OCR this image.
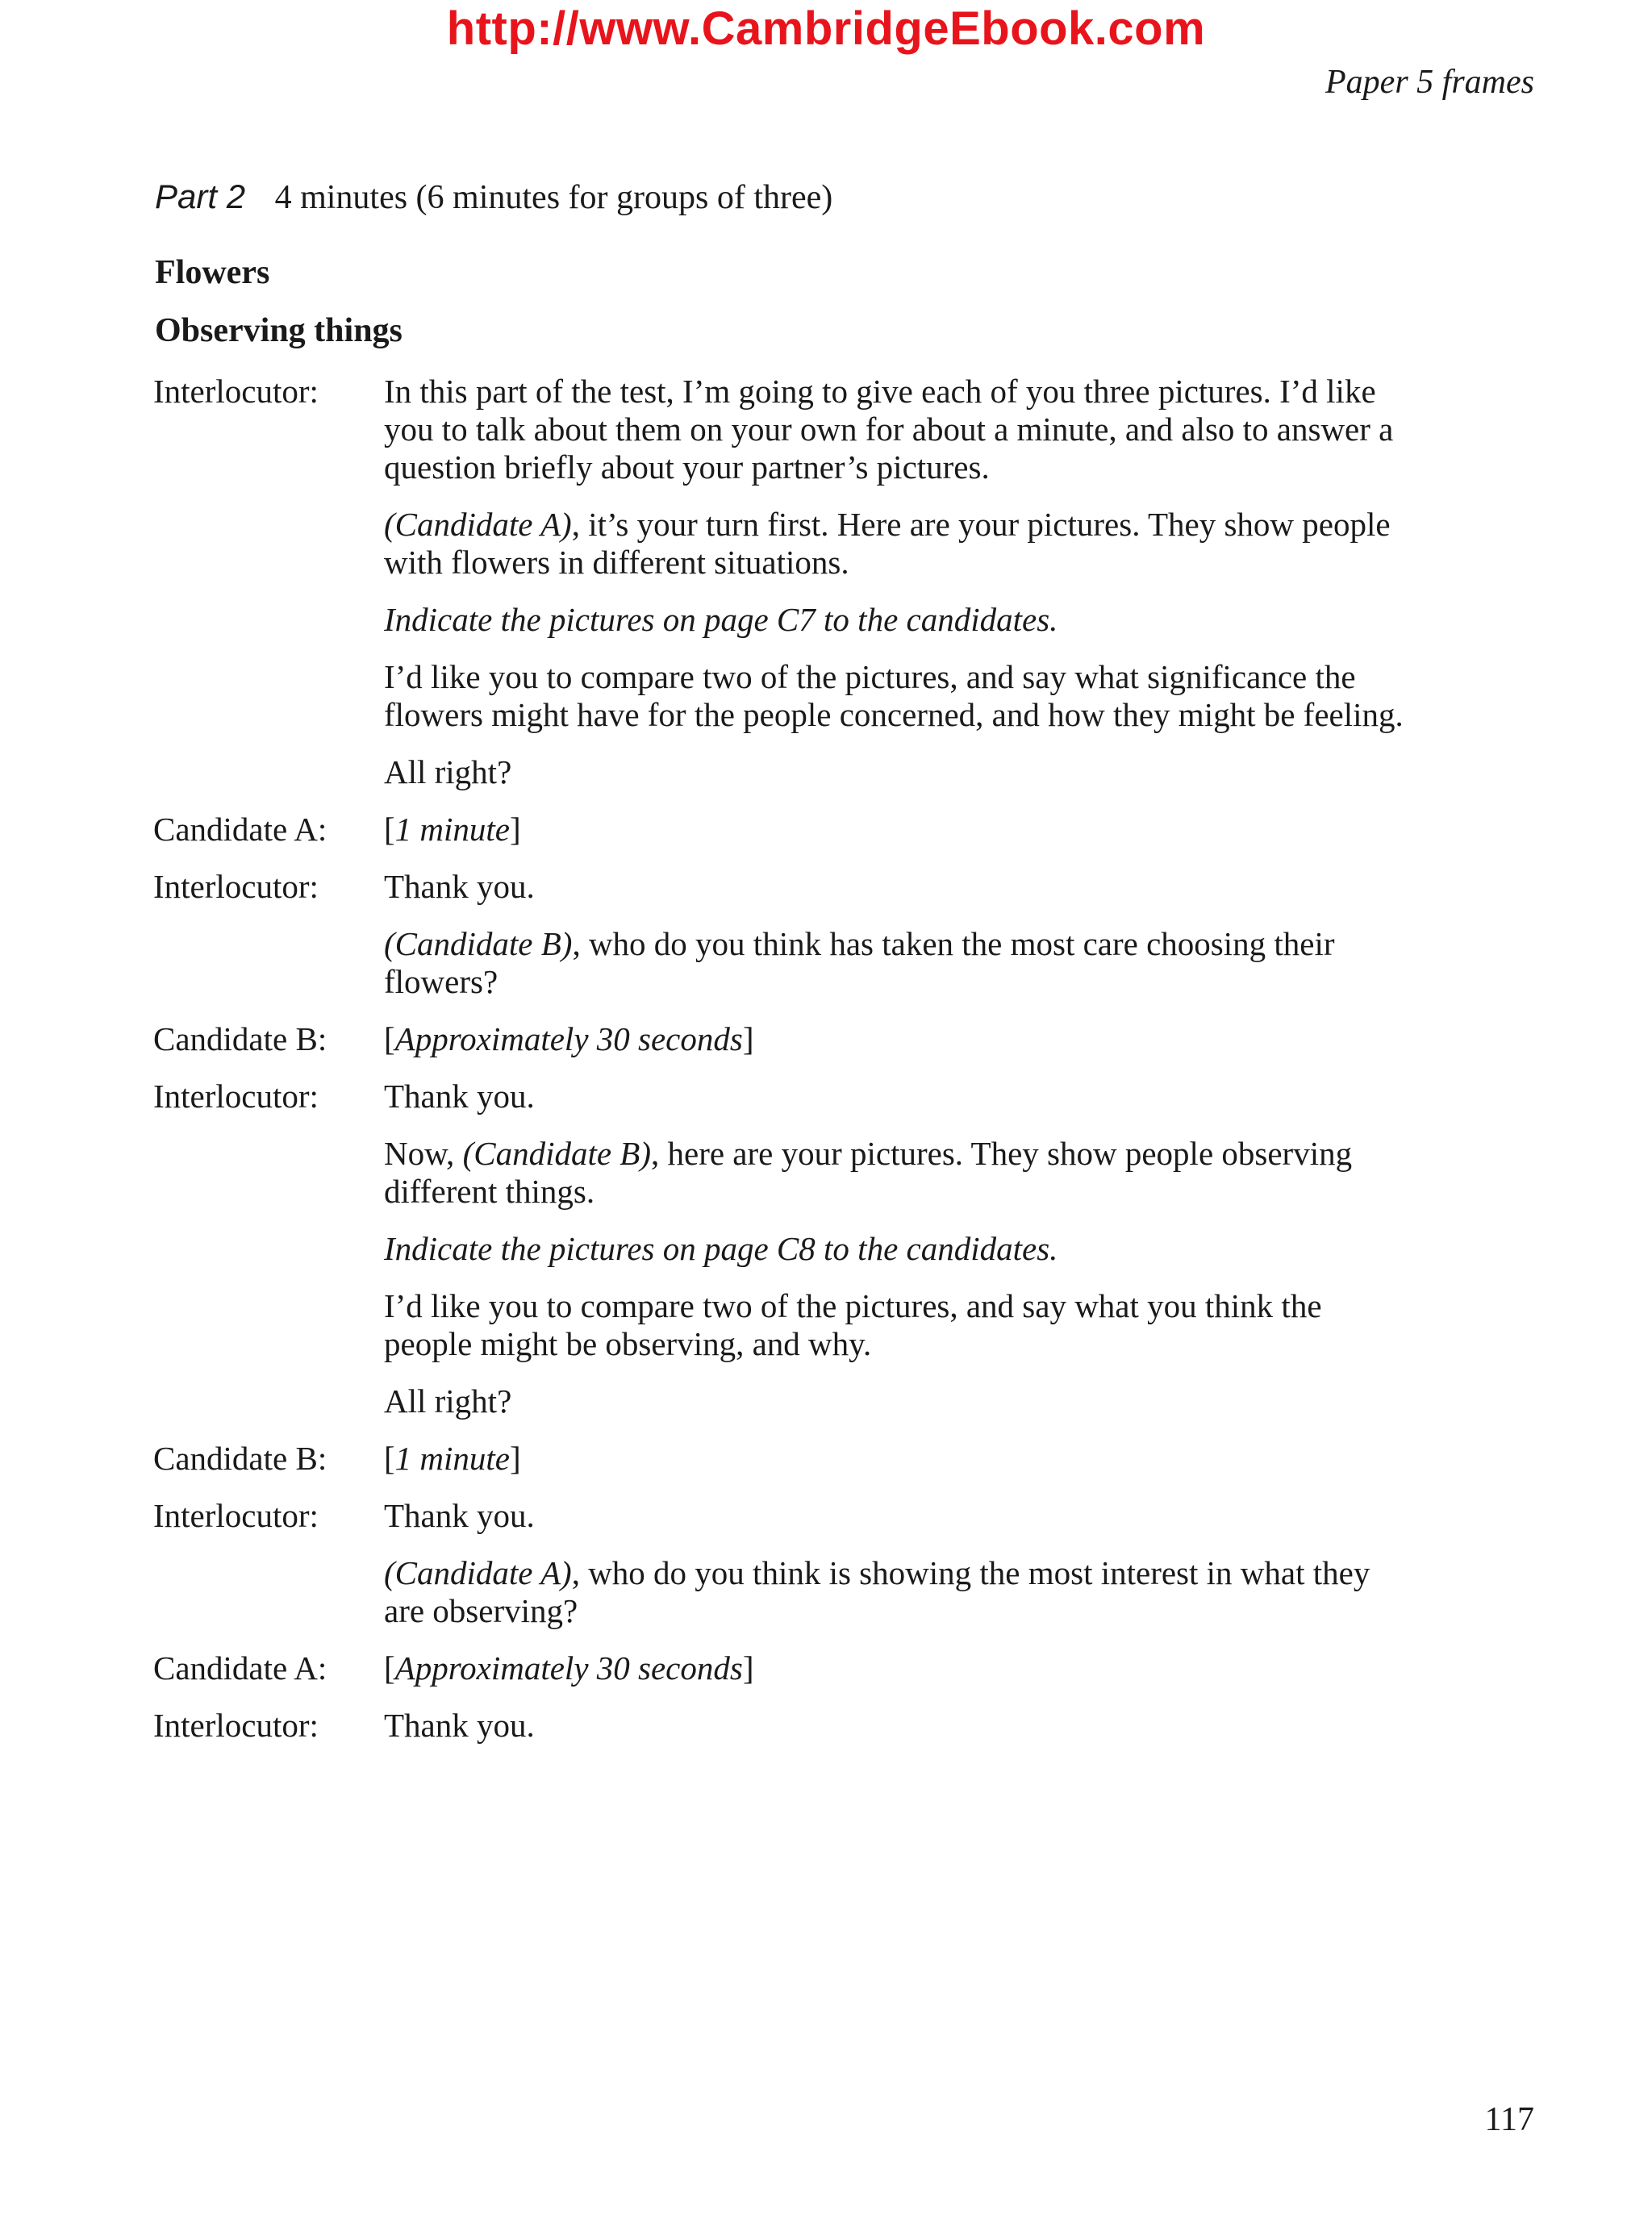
http://www.CambridgeEbook.com
Paper 5 frames
Part 2 4 minutes (6 minutes for groups of three)
Flowers
Observing things
Interlocutor:	In this part of the test, I’m going to give each of you three pictures. I’d like you to talk about them on your own for about a minute, and also to answer a question briefly about your partner’s pictures.
(Candidate A), it’s your turn first. Here are your pictures. They show people with flowers in different situations.
Indicate the pictures on page C7 to the candidates.
I’d like you to compare two of the pictures, and say what significance the flowers might have for the people concerned, and how they might be feeling.
All right?
Candidate A:	[1 minute]
Interlocutor:	Thank you.
(Candidate B), who do you think has taken the most care choosing their flowers?
Candidate B:	[Approximately 30 seconds]
Interlocutor:	Thank you.
Now, (Candidate B), here are your pictures. They show people observing different things.
Indicate the pictures on page C8 to the candidates.
I’d like you to compare two of the pictures, and say what you think the people might be observing, and why.
All right?
Candidate B:	[1 minute]
Interlocutor:	Thank you.
(Candidate A), who do you think is showing the most interest in what they are observing?
Candidate A:	[Approximately 30 seconds]
Interlocutor:	Thank you.
117
